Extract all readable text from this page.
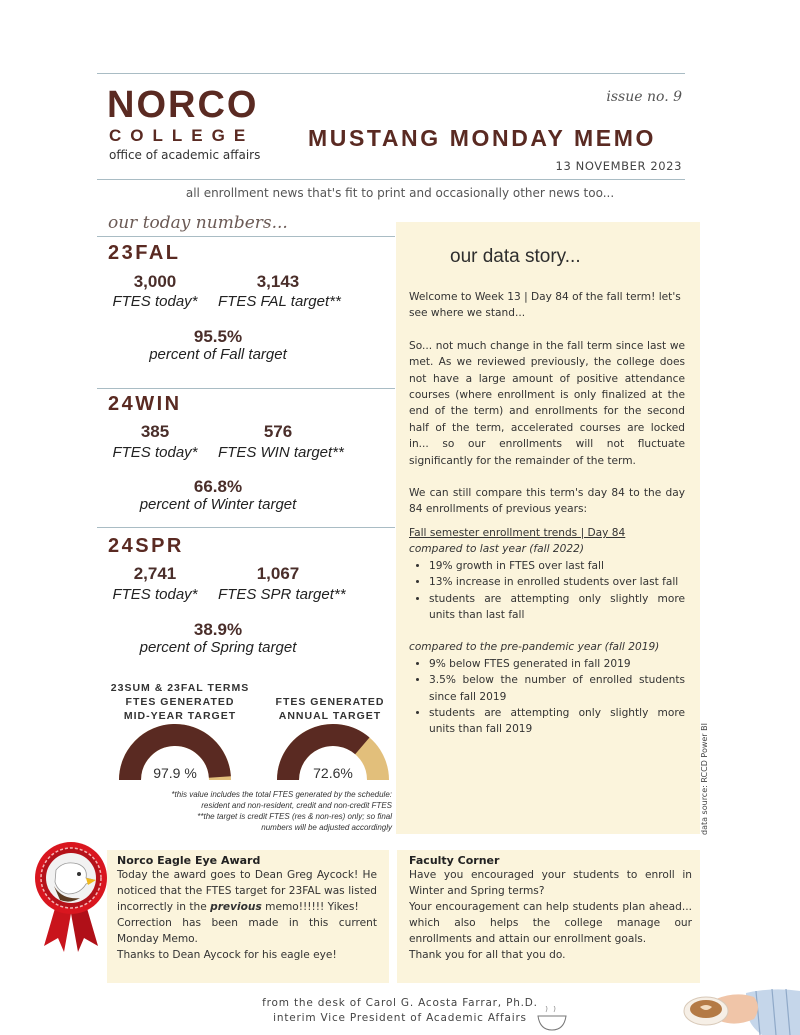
NORCO
COLLEGE
office of academic affairs
issue no. 9
MUSTANG MONDAY MEMO
13 NOVEMBER 2023
all enrollment news that's fit to print and occasionally other news too...
our today numbers...
23FAL
3,000
FTES today*
3,143
FTES FAL target**
95.5%
percent of Fall target
24WIN
385
FTES today*
576
FTES WIN target**
66.8%
percent of Winter target
24SPR
2,741
FTES today*
1,067
FTES SPR target**
38.9%
percent of Spring target
23SUM & 23FAL TERMS
FTES GENERATED
MID-YEAR TARGET
FTES GENERATED
ANNUAL TARGET
97.9 %	72.6%
*this value includes the total FTES generated by the schedule:
resident and non-resident, credit and non-credit FTES
**the target is credit FTES (res & non-res) only; so final
numbers will be adjusted accordingly
our data story...

Welcome to Week 13 | Day 84 of the fall term! let's see where we stand...

So... not much change in the fall term since last we met. As we reviewed previously, the college does not have a large amount of positive attendance courses (where enrollment is only finalized at the end of the term) and enrollments for the second half of the term, accelerated courses are locked in... so our enrollments will not fluctuate significantly for the remainder of the term.

We can still compare this term's day 84 to the day 84 enrollments of previous years:

Fall semester enrollment trends | Day 84

compared to last year (fall 2022)

• 19% growth in FTES over last fall
• 13% increase in enrolled students over last fall
• students are attempting only slightly more units than last fall

compared to the pre-pandemic year (fall 2019)

• 9% below FTES generated in fall 2019
• 3.5% below the number of enrolled students since fall 2019
• students are attempting only slightly more units than fall 2019	data source: RCCD Power BI
Norco Eagle Eye Award

Today the award goes to Dean Greg Aycock! He noticed that the FTES target for 23FAL was listed incorrectly in the previous memo!!!!!! Yikes!

Correction has been made in this current Monday Memo.

Thanks to Dean Aycock for his eagle eye!

Faculty Corner

Have you encouraged your students to enroll in Winter and Spring terms?

Your encouragement can help students plan ahead... which also helps the college manage our enrollments and attain our enrollment goals.

Thank you for all that you do.

from the desk of Carol G. Acosta Farrar, Ph.D.
interim Vice President of Academic Affairs
